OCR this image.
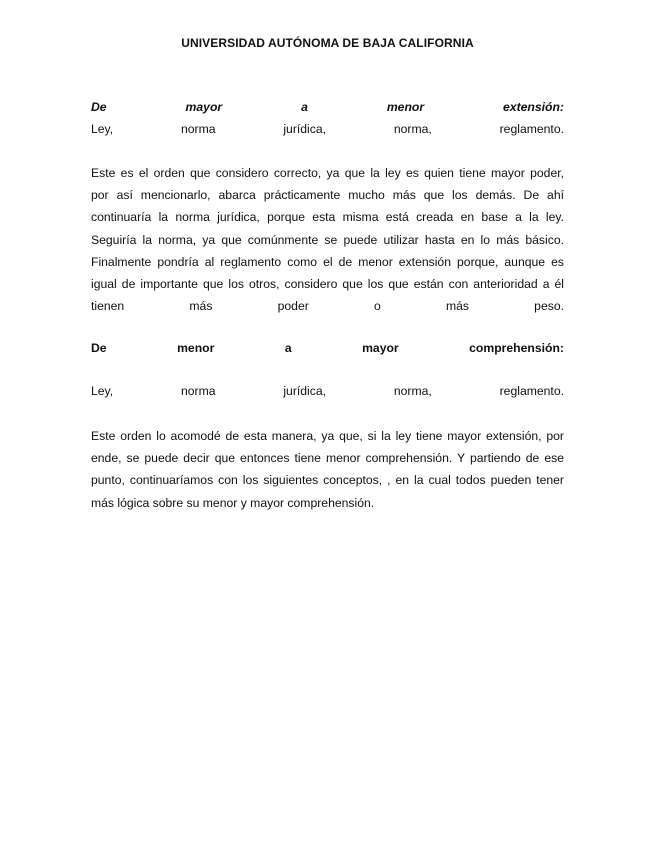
UNIVERSIDAD AUTÓNOMA DE BAJA CALIFORNIA
De	mayor	a	menor	extensión:
Ley,	norma	jurídica,	norma,	reglamento.
Este es el orden que considero correcto, ya que la ley es quien tiene mayor poder,
por así mencionarlo, abarca prácticamente mucho más que los demás. De ahí
continuaría la norma jurídica, porque esta misma está creada en base a la ley.
Seguiría la norma, ya que comúnmente se puede utilizar hasta en lo más básico.
Finalmente pondría al reglamento como el de menor extensión porque, aunque es
igual de importante que los otros, considero que los que están con anterioridad a él
tienen	más	poder	o	más	peso.
De	menor	a	mayor	comprehensión:
Ley,	norma	jurídica,	norma,	reglamento.
Este orden lo acomodé de esta manera, ya que, si la ley tiene mayor extensión, por
ende, se puede decir que entonces tiene menor comprehensión. Y partiendo de ese
punto, continuaríamos con los siguientes conceptos, , en la cual todos pueden tener
más lógica sobre su menor y mayor comprehensión.
